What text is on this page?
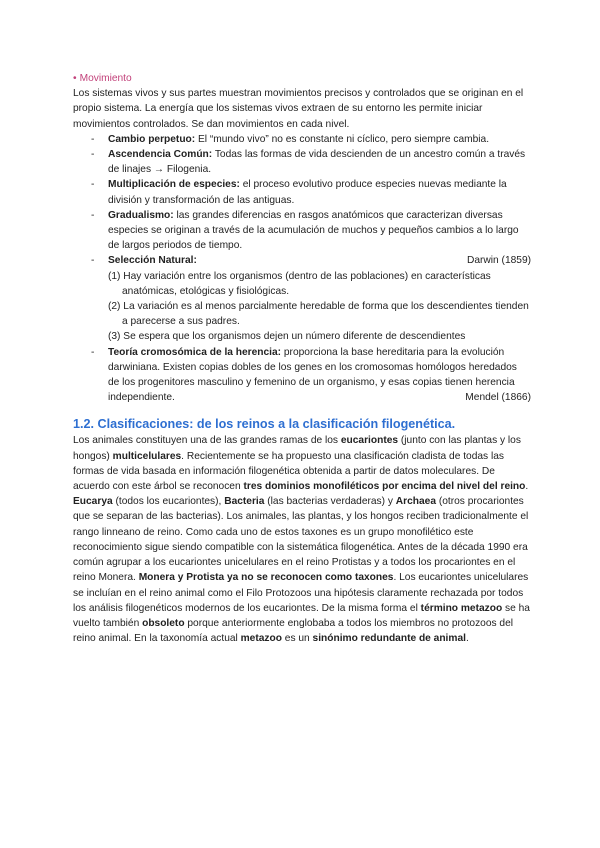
• Movimiento

Los sistemas vivos y sus partes muestran movimientos precisos y controlados que se originan en el propio sistema. La energía que los sistemas vivos extraen de su entorno les permite iniciar movimientos controlados. Se dan movimientos en cada nivel.

- Cambio perpetuo: El “mundo vivo” no es constante ni cíclico, pero siempre cambia.
- Ascendencia Común: Todas las formas de vida descienden de un ancestro común a través de linajes → Filogenia.
- Multiplicación de especies: el proceso evolutivo produce especies nuevas mediante la división y transformación de las antiguas.
- Gradualismo: las grandes diferencias en rasgos anatómicos que caracterizan diversas especies se originan a través de la acumulación de muchos y pequeños cambios a lo largo de largos periodos de tiempo.
- Selección Natural:	Darwin (1859)
(1) Hay variación entre los organismos (dentro de las poblaciones) en características anatómicas, etológicas y fisiológicas.
(2) La variación es al menos parcialmente heredable de forma que los descendientes tienden a parecerse a sus padres.
(3) Se espera que los organismos dejen un número diferente de descendientes
- Teoría cromosómica de la herencia: proporciona la base hereditaria para la evolución darwiniana. Existen copias dobles de los genes en los cromosomas homólogos heredados de los progenitores masculino y femenino de un organismo, y esas copias tienen herencia independiente.	Mendel (1866)
1.2. Clasificaciones: de los reinos a la clasificación filogenética.

Los animales constituyen una de las grandes ramas de los eucariontes (junto con las plantas y los hongos) multicelulares. Recientemente se ha propuesto una clasificación cladista de todas las formas de vida basada en información filogenética obtenida a partir de datos moleculares. De acuerdo con este árbol se reconocen tres dominios monofiléticos por encima del nivel del reino. Eucarya (todos los eucariontes), Bacteria (las bacterias verdaderas) y Archaea (otros procariontes que se separan de las bacterias). Los animales, las plantas, y los hongos reciben tradicionalmente el rango linneano de reino. Como cada uno de estos taxones es un grupo monofilético este reconocimiento sigue siendo compatible con la sistemática filogenética. Antes de la década 1990 era común agrupar a los eucariontes unicelulares en el reino Protistas y a todos los procariontes en el reino Monera. Monera y Protista ya no se reconocen como taxones. Los eucariontes unicelulares se incluían en el reino animal como el Filo Protozoos una hipótesis claramente rechazada por todos los análisis filogenéticos modernos de los eucariontes. De la misma forma el término metazoo se ha vuelto también obsoleto porque anteriormente englobaba a todos los miembros no protozoos del reino animal. En la taxonomía actual metazoo es un sinónimo redundante de animal.
